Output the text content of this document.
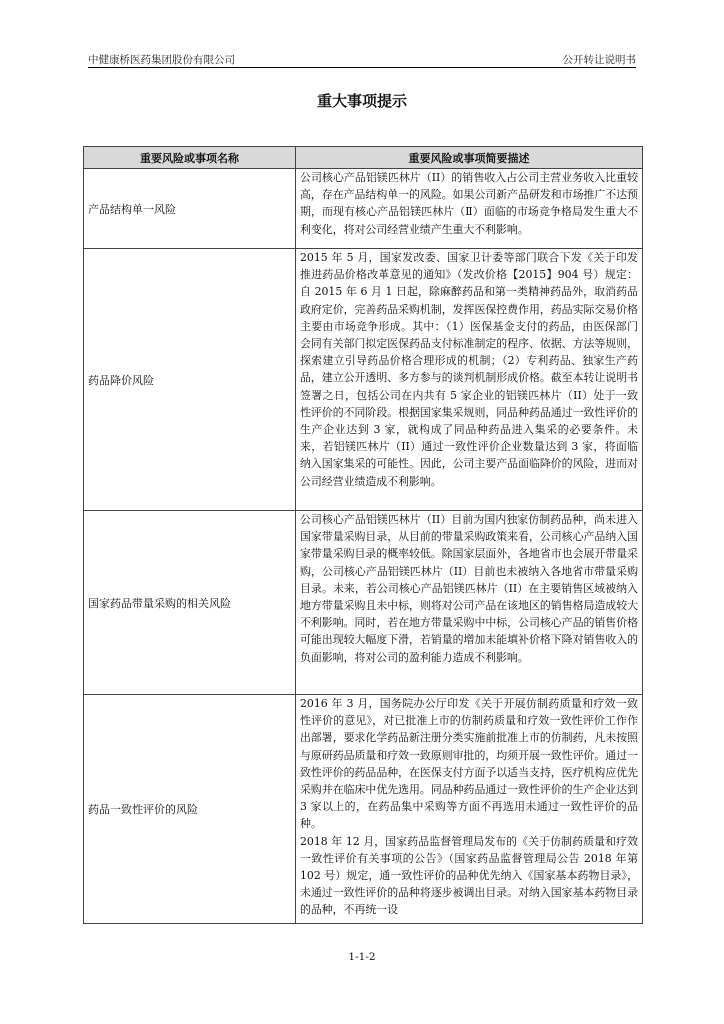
中健康桥医药集团股份有限公司	公开转让说明书
重大事项提示
重要风险或事项名称	重要风险或事项简要描述
产品结构单一风险	公司核心产品铝镁匹林片（II）的销售收入占公司主营业务收入比重较高，存在产品结构单一的风险。如果公司新产品研发和市场推广不达预期，而现有核心产品铝镁匹林片（Ⅱ）面临的市场竞争格局发生重大不利变化，将对公司经营业绩产生重大不利影响。

药品降价风险	2015 年 5 月，国家发改委、国家卫计委等部门联合下发《关于印发推进药品价格改革意见的通知》（发改价格【2015】904 号）规定：自 2015 年 6 月 1 日起，除麻醉药品和第一类精神药品外，取消药品政府定价，完善药品采购机制，发挥医保控费作用，药品实际交易价格主要由市场竞争形成。其中：（1）医保基金支付的药品，由医保部门会同有关部门拟定医保药品支付标准制定的程序、依据、方法等规则，探索建立引导药品价格合理形成的机制；（2）专利药品、独家生产药品，建立公开透明、多方参与的谈判机制形成价格。截至本转让说明书签署之日，包括公司在内共有 5 家企业的铝镁匹林片（II）处于一致性评价的不同阶段。根据国家集采规则，同品种药品通过一致性评价的生产企业达到 3 家，就构成了同品种药品进入集采的必要条件。未来，若铝镁匹林片（II）通过一致性评价企业数量达到 3 家，将面临纳入国家集采的可能性。因此，公司主要产品面临降价的风险，进而对公司经营业绩造成不利影响。

国家药品带量采购的相关风险	公司核心产品铝镁匹林片（II）目前为国内独家仿制药品种，尚未进入国家带量采购目录，从目前的带量采购政策来看，公司核心产品纳入国家带量采购目录的概率较低。除国家层面外，各地省市也会展开带量采购，公司核心产品铝镁匹林片（II）目前也未被纳入各地省市带量采购目录。未来，若公司核心产品铝镁匹林片（II）在主要销售区域被纳入地方带量采购且未中标，则将对公司产品在该地区的销售格局造成较大不利影响。同时，若在地方带量采购中中标，公司核心产品的销售价格可能出现较大幅度下滑，若销量的增加未能填补价格下降对销售收入的负面影响，将对公司的盈利能力造成不利影响。

药品一致性评价的风险	2016 年 3 月，国务院办公厅印发《关于开展仿制药质量和疗效一致性评价的意见》，对已批准上市的仿制药质量和疗效一致性评价工作作出部署，要求化学药品新注册分类实施前批准上市的仿制药，凡未按照与原研药品质量和疗效一致原则审批的，均须开展一致性评价。通过一致性评价的药品品种，在医保支付方面予以适当支持，医疗机构应优先采购并在临床中优先选用。同品种药品通过一致性评价的生产企业达到 3 家以上的，在药品集中采购等方面不再选用未通过一致性评价的品种。

2018 年 12 月，国家药品监督管理局发布的《关于仿制药质量和疗效一致性评价有关事项的公告》（国家药品监督管理局公告 2018 年第 102 号）规定，通一致性评价的品种优先纳入《国家基本药物目录》，未通过一致性评价的品种将逐步被调出目录。对纳入国家基本药物目录的品种，不再统一设

1-1-2
